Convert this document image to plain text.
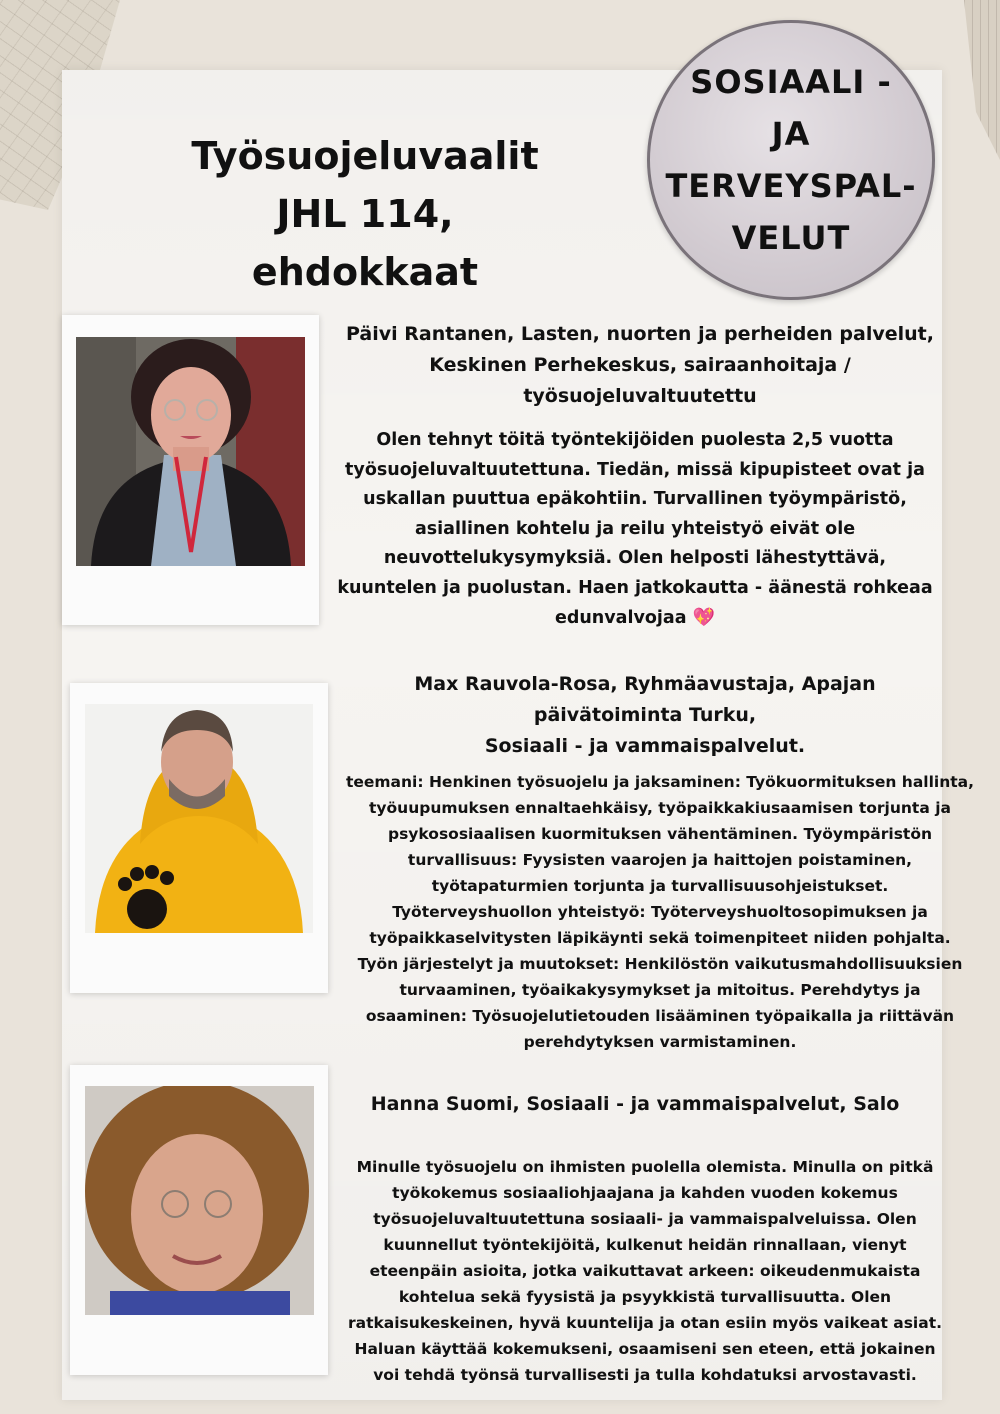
Työsuojeluvaalit
JHL 114, ehdokkaat
SOSIAALI -
JA
TERVEYSPAL-
VELUT
Päivi Rantanen, Lasten, nuorten ja perheiden palvelut,
Keskinen Perhekeskus, sairaanhoitaja /
työsuojeluvaltuutettu
Olen tehnyt töitä työntekijöiden puolesta 2,5 vuotta
työsuojeluvaltuutettuna. Tiedän, missä kipupisteet ovat ja
uskallan puuttua epäkohtiin. Turvallinen työympäristö,
asiallinen kohtelu ja reilu yhteistyö eivät ole
neuvottelukysymyksiä. Olen helposti lähestyttävä,
kuuntelen ja puolustan. Haen jatkokautta - äänestä rohkeaa
edunvalvojaa 💖
Max Rauvola-Rosa, Ryhmäavustaja, Apajan
päivätoiminta Turku,
Sosiaali - ja vammaispalvelut.
teemani: Henkinen työsuojelu ja jaksaminen: Työkuormituksen hallinta,
työuupumuksen ennaltaehkäisy, työpaikkakiusaamisen torjunta ja
psykososiaalisen kuormituksen vähentäminen. Työympäristön
turvallisuus: Fyysisten vaarojen ja haittojen poistaminen,
työtapaturmien torjunta ja turvallisuusohjeistukset.
Työterveyshuollon yhteistyö: Työterveyshuoltosopimuksen ja
työpaikkaselvitysten läpikäynti sekä toimenpiteet niiden pohjalta.
Työn järjestelyt ja muutokset: Henkilöstön vaikutusmahdollisuuksien
turvaaminen, työaikakysymykset ja mitoitus. Perehdytys ja
osaaminen: Työsuojelutietouden lisääminen työpaikalla ja riittävän
perehdytyksen varmistaminen.
Hanna Suomi, Sosiaali - ja vammaispalvelut, Salo
Minulle työsuojelu on ihmisten puolella olemista. Minulla on pitkä
työkokemus sosiaaliohjaajana ja kahden vuoden kokemus
työsuojeluvaltuutettuna sosiaali- ja vammaispalveluissa. Olen
kuunnellut työntekijöitä, kulkenut heidän rinnallaan, vienyt
eteenpäin asioita, jotka vaikuttavat arkeen: oikeudenmukaista
kohtelua sekä fyysistä ja psyykkistä turvallisuutta. Olen
ratkaisukeskeinen, hyvä kuuntelija ja otan esiin myös vaikeat asiat.
Haluan käyttää kokemukseni, osaamiseni sen eteen, että jokainen
voi tehdä työnsä turvallisesti ja tulla kohdatuksi arvostavasti.
